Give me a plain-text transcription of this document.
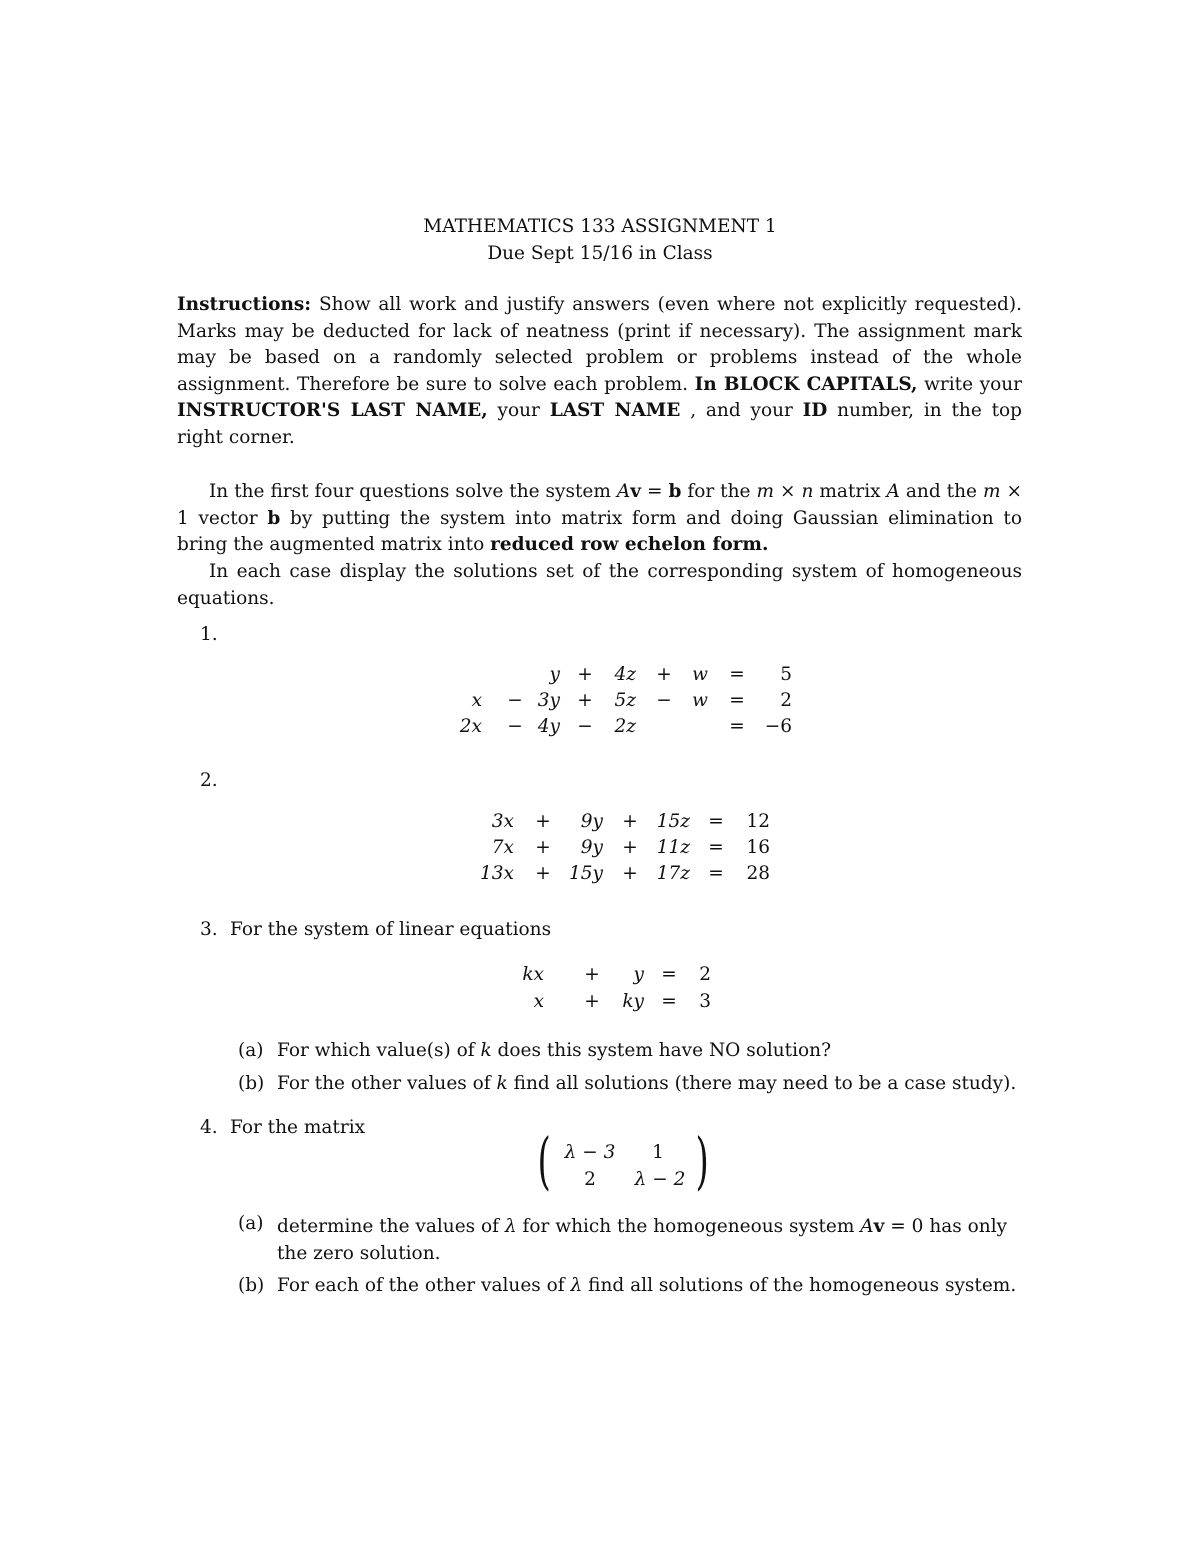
MATHEMATICS 133 ASSIGNMENT 1
Due Sept 15/16 in Class
Instructions: Show all work and justify answers (even where not explicitly requested). Marks may be deducted for lack of neatness (print if necessary). The assignment mark may be based on a randomly selected problem or problems instead of the whole assignment. Therefore be sure to solve each problem. In BLOCK CAPITALS, write your INSTRUCTOR'S LAST NAME, your LAST NAME , and your ID number, in the top right corner.
In the first four questions solve the system Av = b for the m × n matrix A and the m × 1 vector b by putting the system into matrix form and doing Gaussian elimination to bring the augmented matrix into reduced row echelon form.
In each case display the solutions set of the corresponding system of homogeneous equations.
1.
y + 4z + w = 5
x − 3y + 5z − w = 2
2x − 4y − 2z	= −6
2.
3x + 9y + 15z = 12
7x + 9y + 11z = 16
13x + 15y + 17z = 28
3. For the system of linear equations
kx + y = 2
x + ky = 3
(a) For which value(s) of k does this system have NO solution?
(b) For the other values of k find all solutions (there may need to be a case study).
4. For the matrix	( λ − 3	1
2	λ − 2 )
(a) determine the values of λ for which the homogeneous system Av = 0 has only
the zero solution.
(b) For each of the other values of λ find all solutions of the homogeneous system.
